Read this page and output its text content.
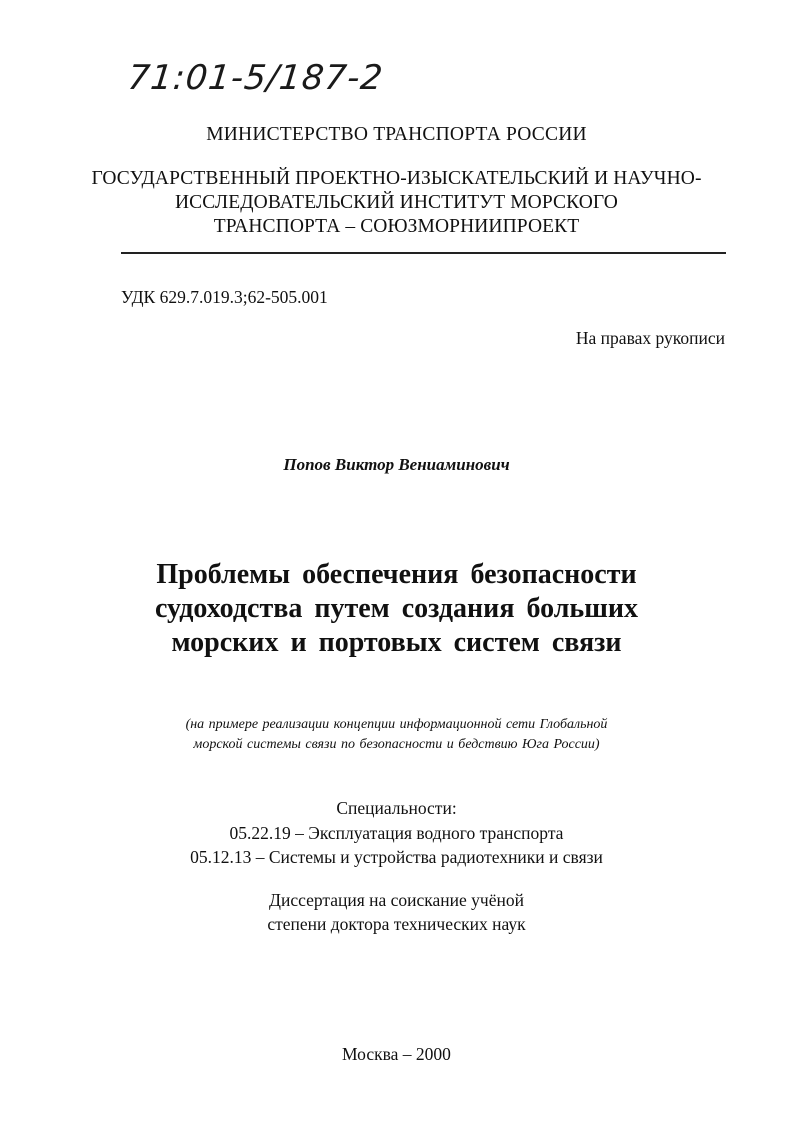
71:01-5/187-2
МИНИСТЕРСТВО ТРАНСПОРТА РОССИИ
ГОСУДАРСТВЕННЫЙ ПРОЕКТНО-ИЗЫСКАТЕЛЬСКИЙ И НАУЧНО-
ИССЛЕДОВАТЕЛЬСКИЙ ИНСТИТУТ МОРСКОГО
ТРАНСПОРТА – СОЮЗМОРНИИПРОЕКТ
УДК 629.7.019.3;62-505.001
На правах рукописи
Попов Виктор Вениаминович
Проблемы обеспечения безопасности
судоходства путем создания больших
морских и портовых систем связи
(на примере реализации концепции информационной сети Глобальной
морской системы связи по безопасности и бедствию Юга России)
Специальности:
05.22.19 – Эксплуатация водного транспорта
05.12.13 – Системы и устройства радиотехники и связи
Диссертация на соискание учёной
степени доктора технических наук
Москва – 2000
